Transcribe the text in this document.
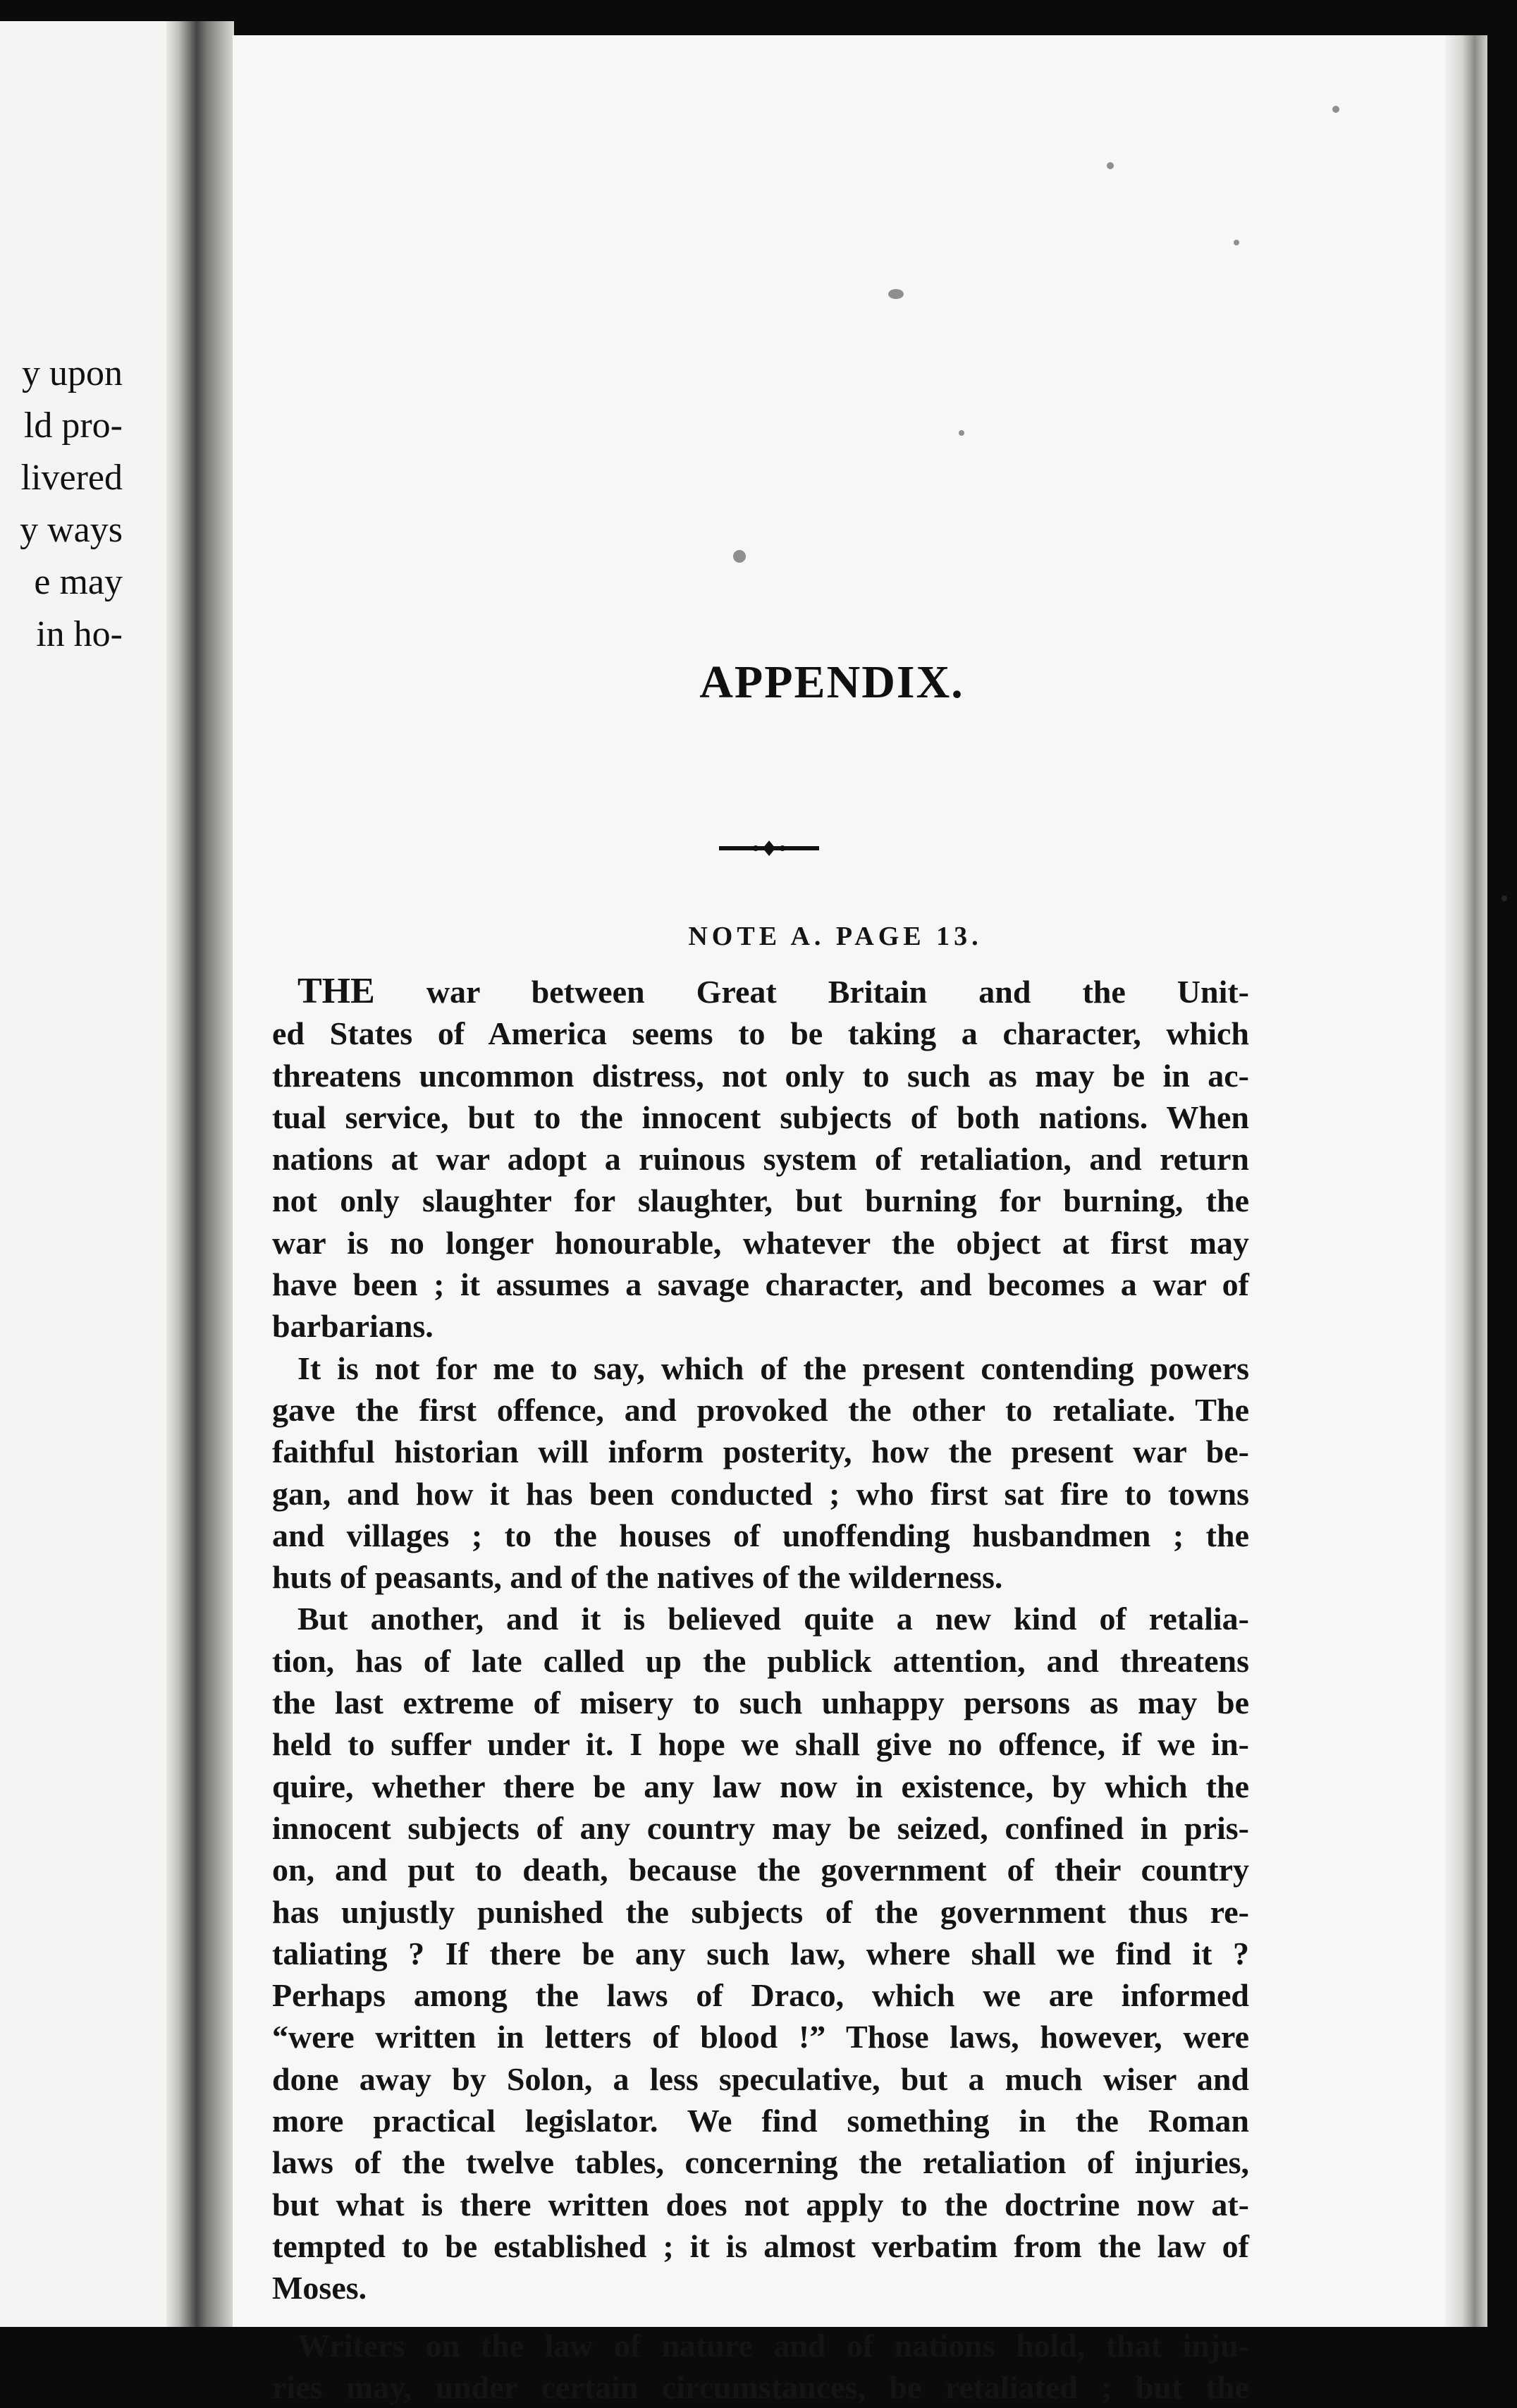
y upon
ld pro-
livered
y ways
e may
in ho-
APPENDIX.
NOTE A. PAGE 13.
THE war between Great Britain and the Unit-
ed States of America seems to be taking a character, which
threatens uncommon distress, not only to such as may be in ac-
tual service, but to the innocent subjects of both nations. When
nations at war adopt a ruinous system of retaliation, and return
not only slaughter for slaughter, but burning for burning, the
war is no longer honourable, whatever the object at first may
have been ; it assumes a savage character, and becomes a war of
barbarians.
It is not for me to say, which of the present contending powers
gave the first offence, and provoked the other to retaliate. The
faithful historian will inform posterity, how the present war be-
gan, and how it has been conducted ; who first sat fire to towns
and villages ; to the houses of unoffending husbandmen ; the
huts of peasants, and of the natives of the wilderness.
But another, and it is believed quite a new kind of retalia-
tion, has of late called up the publick attention, and threatens
the last extreme of misery to such unhappy persons as may be
held to suffer under it. I hope we shall give no offence, if we in-
quire, whether there be any law now in existence, by which the
innocent subjects of any country may be seized, confined in pris-
on, and put to death, because the government of their country
has unjustly punished the subjects of the government thus re-
taliating ? If there be any such law, where shall we find it ?
Perhaps among the laws of Draco, which we are informed
“were written in letters of blood !” Those laws, however, were
done away by Solon, a less speculative, but a much wiser and
more practical legislator. We find something in the Roman
laws of the twelve tables, concerning the retaliation of injuries,
but what is there written does not apply to the doctrine now at-
tempted to be established ; it is almost verbatim from the law of
Moses.
Writers on the law of nature and of nations hold, that inju-
ries may, under certain circumstances, be retaliated ; but the
